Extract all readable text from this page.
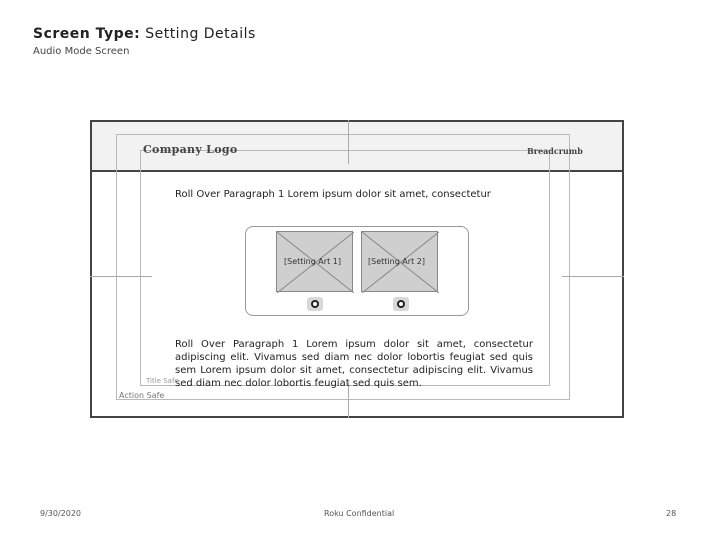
Screen Type: Setting Details
Audio Mode Screen
Company Logo	Breadcrumb
Roll Over Paragraph 1 Lorem ipsum dolor sit amet, consectetur
[Setting Art 1]	[Setting Art 2]
Roll Over Paragraph 1 Lorem ipsum dolor sit amet, consectetur adipiscing elit. Vivamus sed diam nec dolor lobortis feugiat sed quis sem Lorem ipsum dolor sit amet, consectetur adipiscing elit. Vivamus sed diam nec dolor lobortis feugiat sed quis sem.
Title Safe
Action Safe
9/30/2020	Roku Confidential	28
